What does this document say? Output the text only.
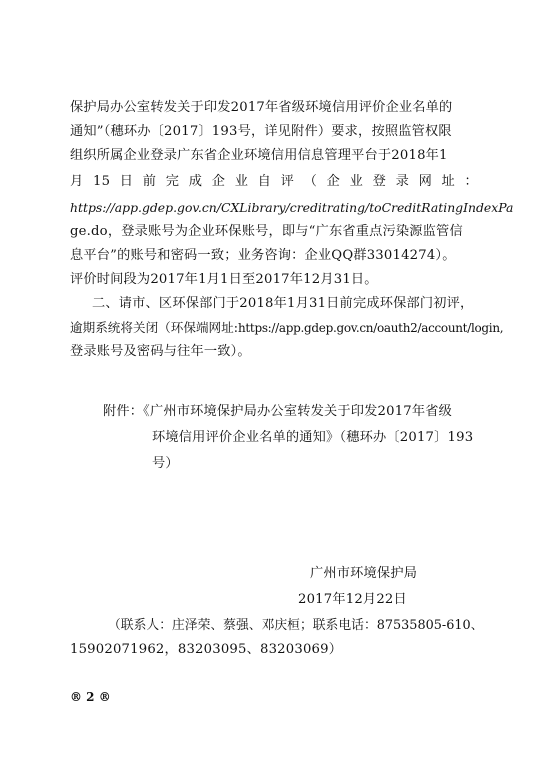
保护局办公室转发关于印发2017年省级环境信用评价企业名单的
通知”（穗环办〔2017〕193号，详见附件）要求，按照监管权限
组织所属企业登录广东省企业环境信用信息管理平台于2018年1
月 15 日 前 完 成 企 业 自 评 （ 企 业 登 录 网 址 ：
https://app.gdep.gov.cn/CXLibrary/creditrating/toCreditRatingIndexPa
ge.do，登录账号为企业环保账号，即与“广东省重点污染源监管信
息平台”的账号和密码一致；业务咨询：企业QQ群33014274）。
评价时间段为2017年1月1日至2017年12月31日。
二、请市、区环保部门于2018年1月31日前完成环保部门初评，
逾期系统将关闭（环保端网址:https://app.gdep.gov.cn/oauth2/account/login,
登录账号及密码与往年一致）。
附件：《广州市环境保护局办公室转发关于印发2017年省级
环境信用评价企业名单的通知》（穗环办〔2017〕193
号）
广州市环境保护局
2017年12月22日
（联系人：庄泽荣、蔡强、邓庆桓；联系电话：87535805-610、
15902071962，83203095、83203069）
® 2 ®
